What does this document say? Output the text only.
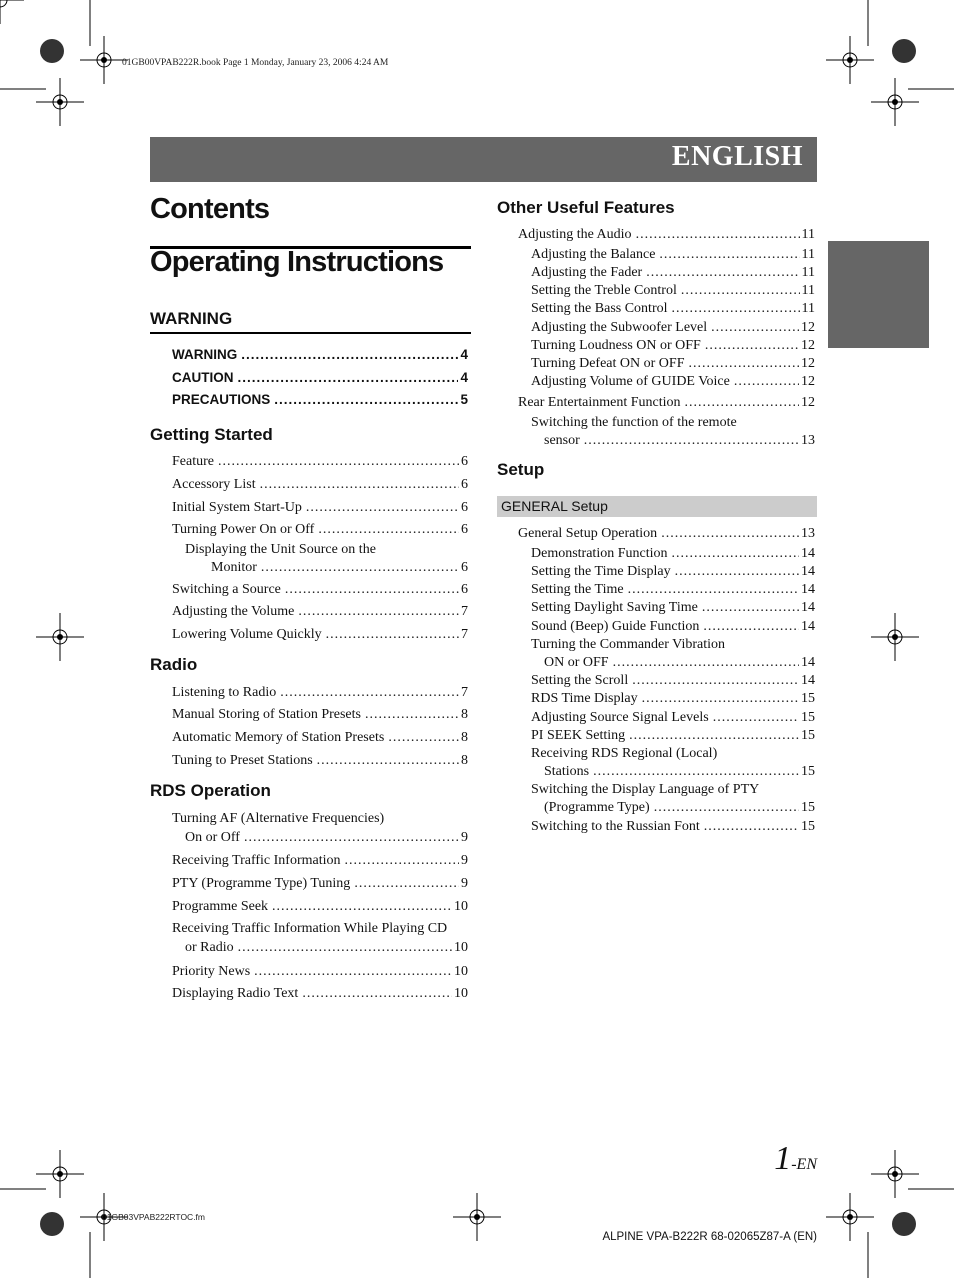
01GB00VPAB222R.book Page 1 Monday, January 23, 2006 4:24 AM
ENGLISH
Contents
Operating Instructions
WARNING
WARNING .....	4
CAUTION .....	4
PRECAUTIONS .....	5
Getting Started
Feature .....	6
Accessory List .....	6
Initial System Start-Up .....	6
Turning Power On or Off .....	6
Displaying the Unit Source on the
Monitor .....	6
Switching a Source .....	6
Adjusting the Volume .....	7
Lowering Volume Quickly .....	7
Radio
Listening to Radio .....	7
Manual Storing of Station Presets .....	8
Automatic Memory of Station Presets .....	8
Tuning to Preset Stations .....	8
RDS Operation
Turning AF (Alternative Frequencies)
On or Off .....	9
Receiving Traffic Information .....	9
PTY (Programme Type) Tuning .....	9
Programme Seek .....	10
Receiving Traffic Information While Playing CD
or Radio .....	10
Priority News .....	10
Displaying Radio Text .....	10
Other Useful Features
Adjusting the Audio .....	11
Adjusting the Balance .....	11
Adjusting the Fader .....	11
Setting the Treble Control .....	11
Setting the Bass Control .....	11
Adjusting the Subwoofer Level .....	12
Turning Loudness ON or OFF .....	12
Turning Defeat ON or OFF .....	12
Adjusting Volume of GUIDE Voice .....	12
Rear Entertainment Function .....	12
Switching the function of the remote
sensor .....	13
Setup
GENERAL Setup
General Setup Operation .....	13
Demonstration Function .....	14
Setting the Time Display .....	14
Setting the Time .....	14
Setting Daylight Saving Time .....	14
Sound (Beep) Guide Function .....	14
Turning the Commander Vibration
ON or OFF .....	14
Setting the Scroll .....	14
RDS Time Display .....	15
Adjusting Source Signal Levels .....	15
PI SEEK Setting .....	15
Receiving RDS Regional (Local)
Stations .....	15
Switching the Display Language of PTY
(Programme Type) .....	15
Switching to the Russian Font .....	15
1-EN
01GB03VPAB222RTOC.fm
ALPINE VPA-B222R 68-02065Z87-A (EN)
